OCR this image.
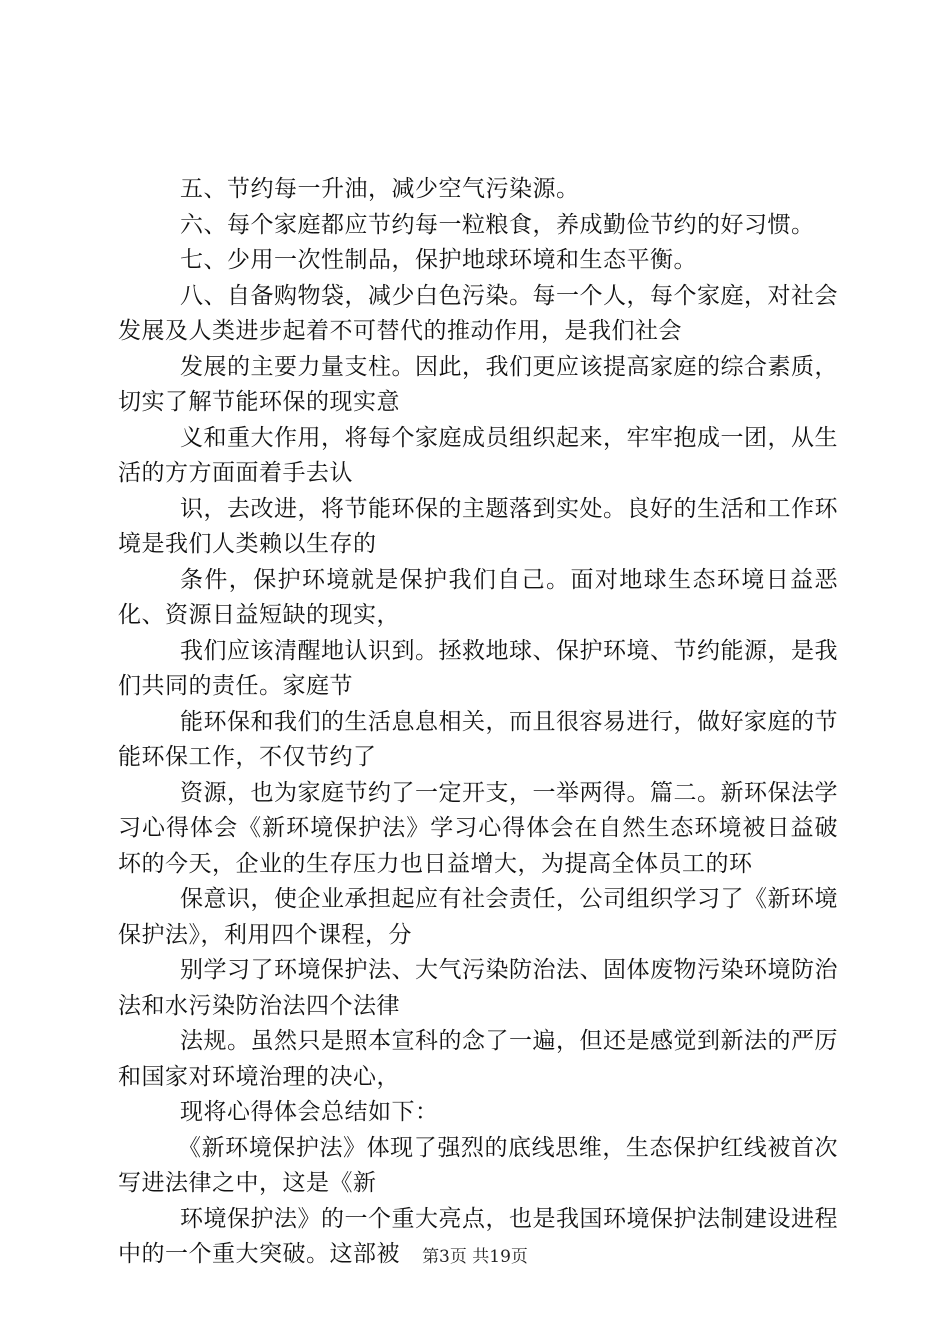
五、节约每一升油，减少空气污染源。

六、每个家庭都应节约每一粒粮食，养成勤俭节约的好习惯。

七、少用一次性制品，保护地球环境和生态平衡。

八、自备购物袋，减少白色污染。每一个人，每个家庭，对社会发展及人类进步起着不可替代的推动作用，是我们社会

发展的主要力量支柱。因此，我们更应该提高家庭的综合素质，切实了解节能环保的现实意

义和重大作用，将每个家庭成员组织起来，牢牢抱成一团，从生活的方方面面着手去认

识，去改进，将节能环保的主题落到实处。良好的生活和工作环境是我们人类赖以生存的

条件，保护环境就是保护我们自己。面对地球生态环境日益恶化、资源日益短缺的现实，

我们应该清醒地认识到。拯救地球、保护环境、节约能源，是我们共同的责任。家庭节

能环保和我们的生活息息相关，而且很容易进行，做好家庭的节能环保工作，不仅节约了

资源，也为家庭节约了一定开支，一举两得。篇二。新环保法学习心得体会《新环境保护法》学习心得体会在自然生态环境被日益破坏的今天，企业的生存压力也日益增大，为提高全体员工的环

保意识，使企业承担起应有社会责任，公司组织学习了《新环境保护法》，利用四个课程，分

别学习了环境保护法、大气污染防治法、固体废物污染环境防治法和水污染防治法四个法律

法规。虽然只是照本宣科的念了一遍，但还是感觉到新法的严厉和国家对环境治理的决心，

现将心得体会总结如下：

《新环境保护法》体现了强烈的底线思维，生态保护红线被首次写进法律之中，这是《新

环境保护法》的一个重大亮点，也是我国环境保护法制建设进程中的一个重大突破。这部被	第3页 共19页
